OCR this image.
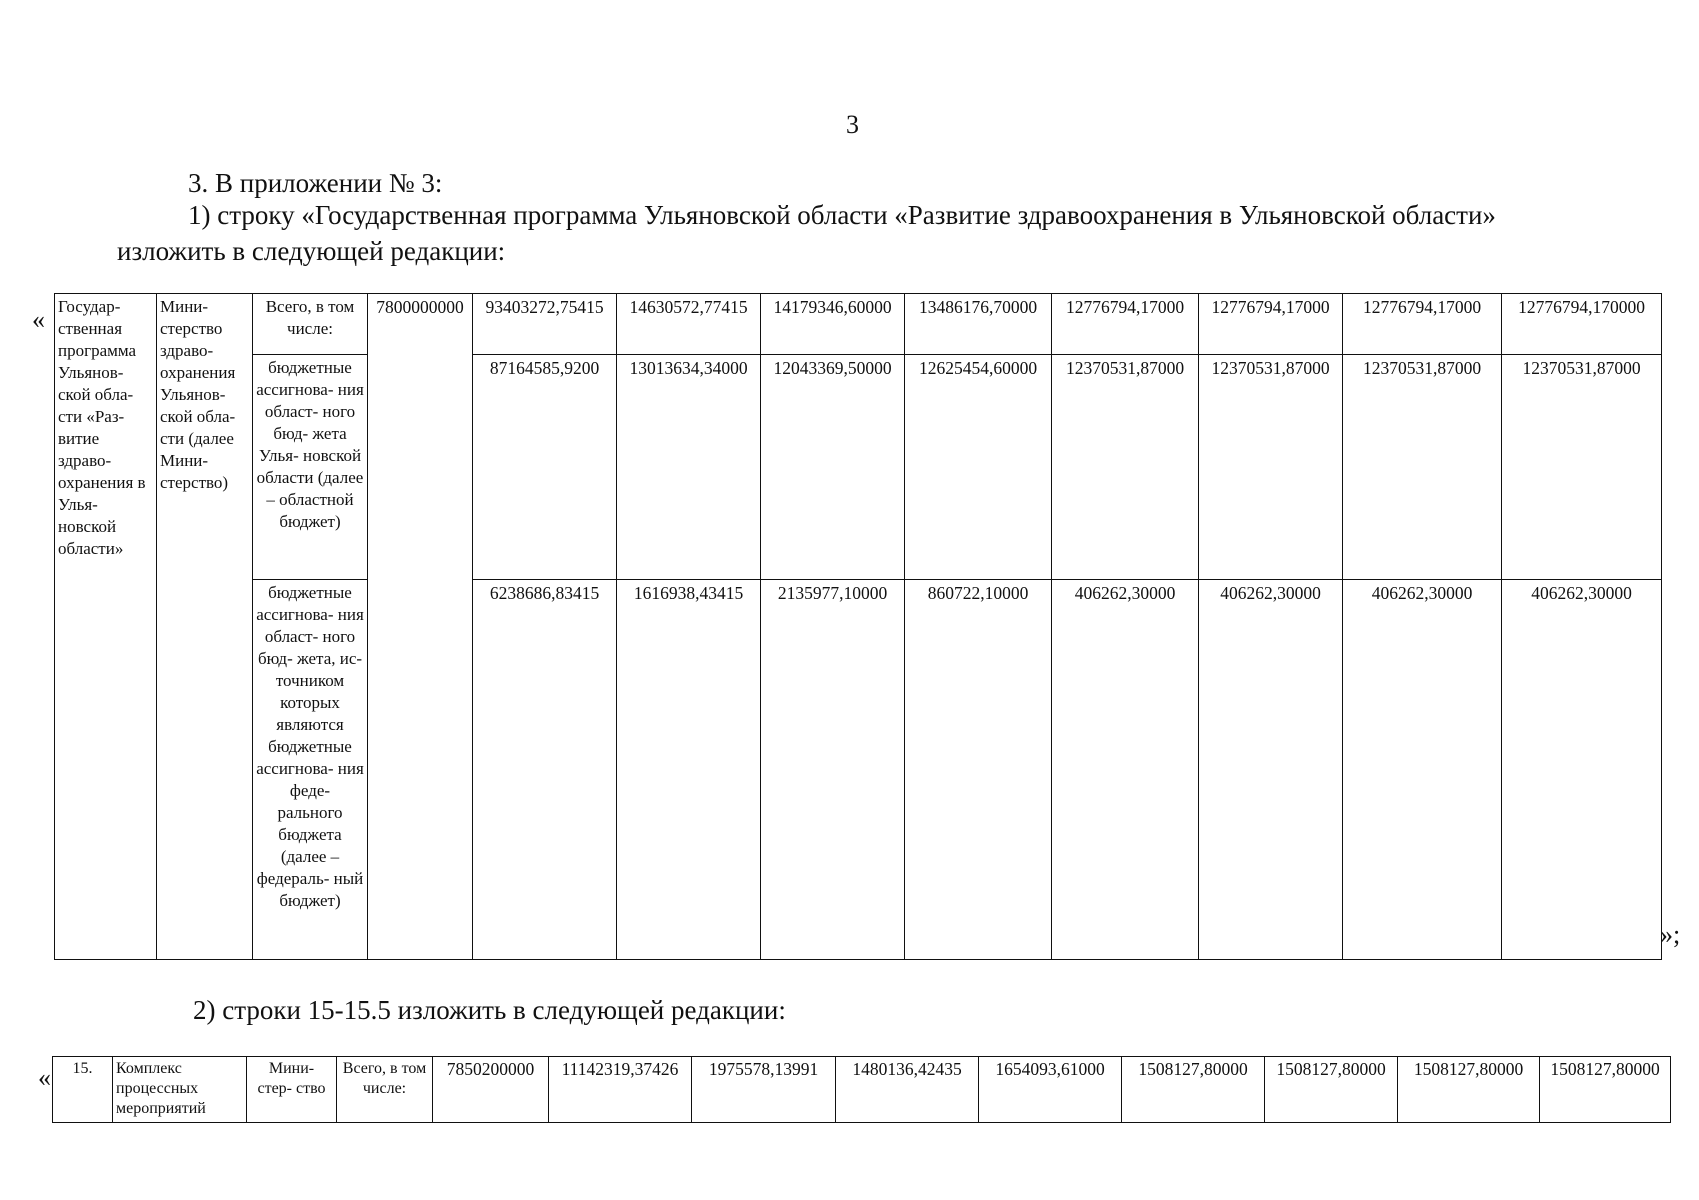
3
3. В приложении № 3:
1) строку «Государственная программа Ульяновской области «Развитие здравоохранения в Ульяновской области»
изложить в следующей редакции:
« Государ- ственная программа Ульянов- ской обла- сти «Раз- витие здраво- охранения в Улья- новской области»	Мини- стерство здраво- охранения Ульянов- ской обла- сти (далее Мини- стерство)	Всего, в том числе:	7800000000	93403272,75415	14630572,77415	14179346,60000	13486176,70000	12776794,17000	12776794,17000	12776794,17000	12776794,170000
		бюджетные ассигнова- ния област- ного бюд- жета Улья- новской области (далее – областной бюджет)		87164585,9200	13013634,34000	12043369,50000	12625454,60000	12370531,87000	12370531,87000	12370531,87000	12370531,87000
		бюджетные ассигнова- ния област- ного бюд- жета, ис- точником которых являются бюджетные ассигнова- ния феде- рального бюджета (далее – федераль- ный бюджет)		6238686,83415	1616938,43415	2135977,10000	860722,10000	406262,30000	406262,30000	406262,30000	406262,30000
»;
2) строки 15-15.5 изложить в следующей редакции:
« 15.	Комплекс процессных мероприятий	Мини- стер- ство	Всего, в том числе:	7850200000	11142319,37426	1975578,13991	1480136,42435	1654093,61000	1508127,80000	1508127,80000	1508127,80000	1508127,80000
